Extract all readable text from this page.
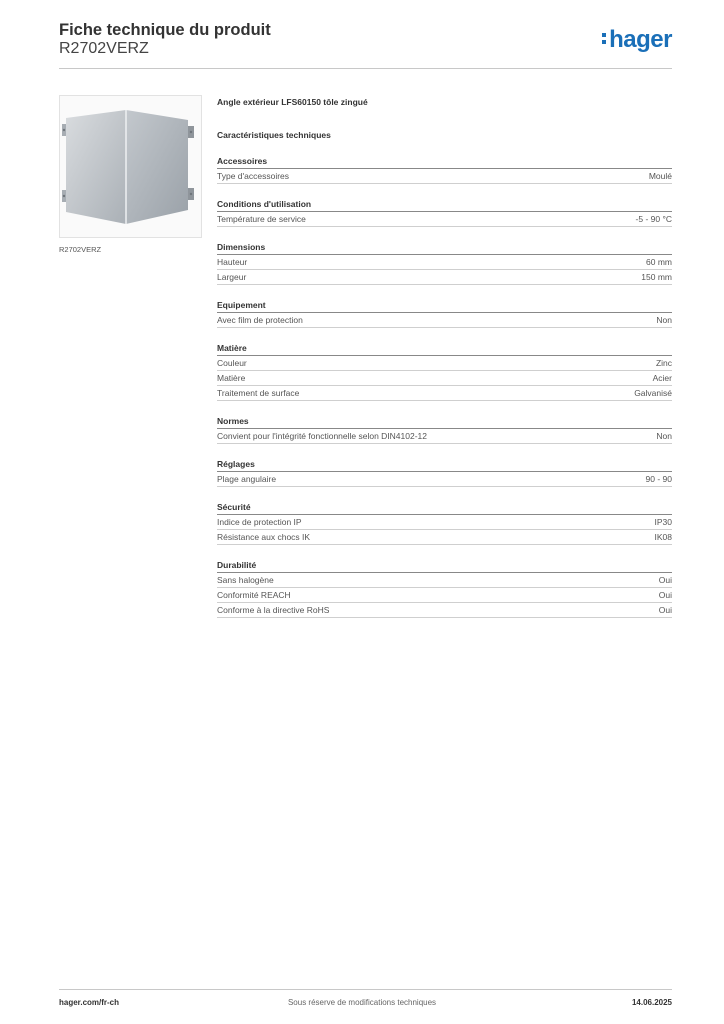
Fiche technique du produit
R2702VERZ	hager
R2702VERZ
Angle extérieur LFS60150 tôle zingué
Caractéristiques techniques
Accessoires
Type d'accessoires	Moulé
Conditions d'utilisation
Température de service	-5 - 90 °C
Dimensions
Hauteur	60 mm
Largeur	150 mm
Equipement
Avec film de protection	Non
Matière
Couleur	Zinc
Matière	Acier
Traitement de surface	Galvanisé
Normes
Convient pour l'intégrité fonctionnelle selon DIN4102-12	Non
Réglages
Plage angulaire	90 - 90
Sécurité
Indice de protection IP	IP30
Résistance aux chocs IK	IK08
Durabilité
Sans halogène	Oui
Conformité REACH	Oui
Conforme à la directive RoHS	Oui
hager.com/fr-ch	Sous réserve de modifications techniques	14.06.2025
